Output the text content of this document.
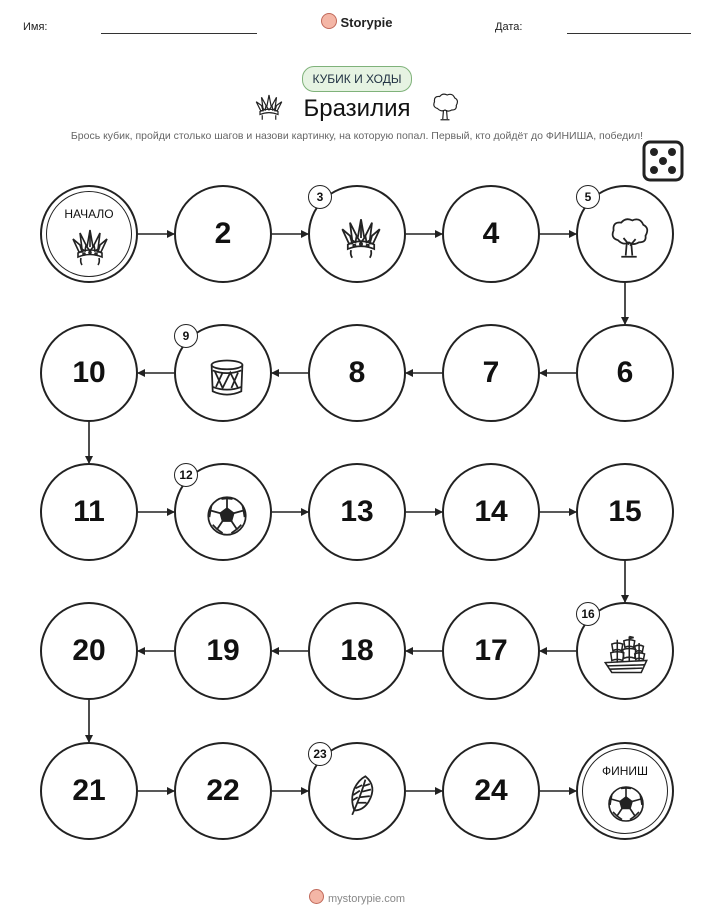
Имя:	Storypie	Дата:
КУБИК И ХОДЫ
Бразилия
Брось кубик, пройди столько шагов и назови картинку, на которую попал. Первый, кто дойдёт до ФИНИША, победил!
НАЧАЛО
2
3
4
5
6
7
8
9
10
11
12
13	14	15
16
17
18
19
20
21	22
23
24
ФИНИШ
mystorypie.com
